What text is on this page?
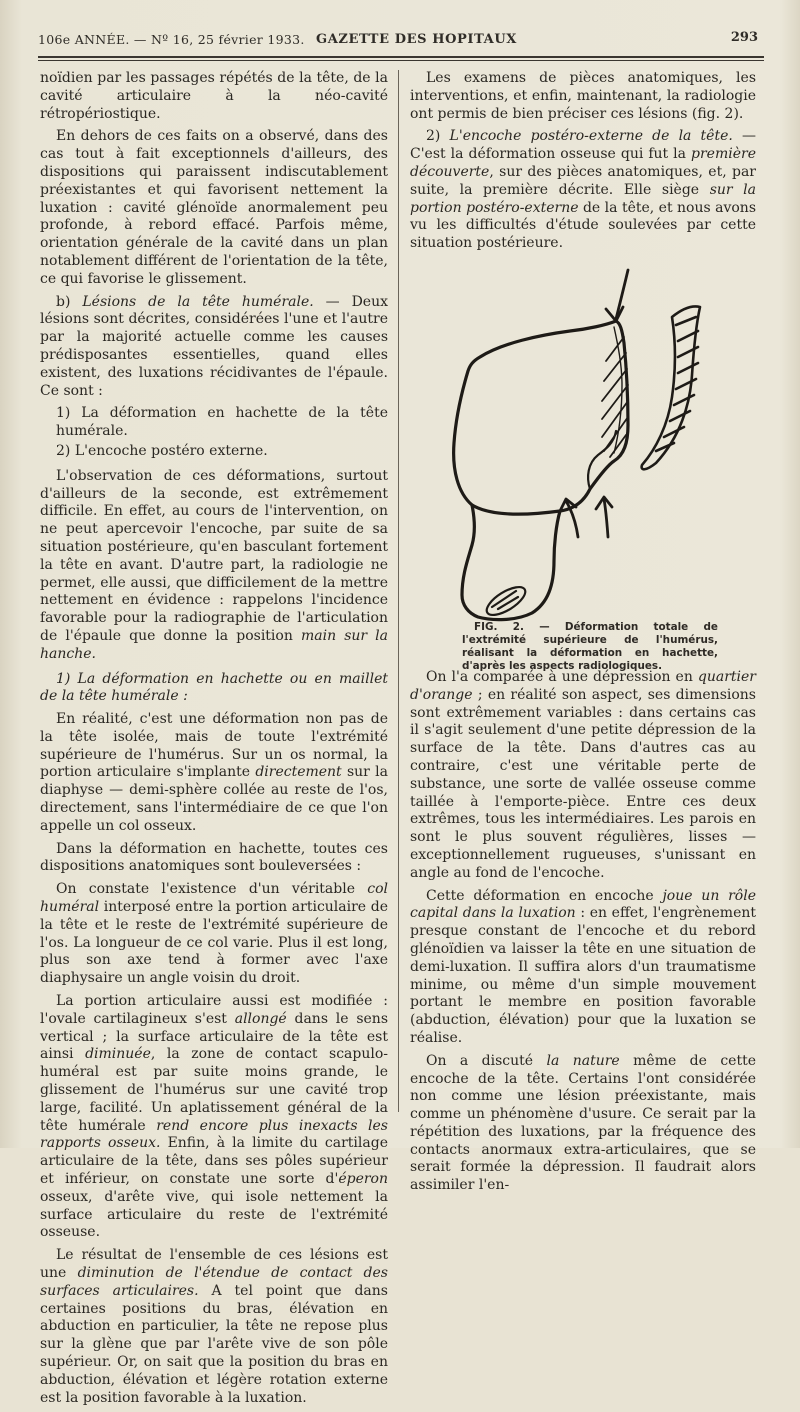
106e ANNÉE. — Nº 16, 25 février 1933. GAZETTE DES HOPITAUX	293

noïdien par les passages répétés de la tête, de la cavité articulaire à la néo-cavité rétropériostique.

En dehors de ces faits on a observé, dans des cas tout à fait exceptionnels d'ailleurs, des dispositions qui paraissent indiscutablement préexistantes et qui favorisent nettement la luxation : cavité glénoïde anormalement peu profonde, à rebord effacé. Parfois même, orientation générale de la cavité dans un plan notablement différent de l'orientation de la tête, ce qui favorise le glissement.

b) Lésions de la tête humérale. — Deux lésions sont décrites, considérées l'une et l'autre par la majorité actuelle comme les causes prédisposantes essentielles, quand elles existent, des luxations récidivantes de l'épaule. Ce sont :

1) La déformation en hachette de la tête humérale.

2) L'encoche postéro externe.

L'observation de ces déformations, surtout d'ailleurs de la seconde, est extrêmement difficile. En effet, au cours de l'intervention, on ne peut apercevoir l'encoche, par suite de sa situation postérieure, qu'en basculant fortement la tête en avant. D'autre part, la radiologie ne permet, elle aussi, que difficilement de la mettre nettement en évidence : rappelons l'incidence favorable pour la radiographie de l'articulation de l'épaule que donne la position main sur la hanche.

1) La déformation en hachette ou en maillet de la tête humérale :

En réalité, c'est une déformation non pas de la tête isolée, mais de toute l'extrémité supérieure de l'humérus. Sur un os normal, la portion articulaire s'implante directement sur la diaphyse — demi-sphère collée au reste de l'os, directement, sans l'intermédiaire de ce que l'on appelle un col osseux.

Dans la déformation en hachette, toutes ces dispositions anatomiques sont bouleversées :

On constate l'existence d'un véritable col huméral interposé entre la portion articulaire de la tête et le reste de l'extrémité supérieure de l'os. La longueur de ce col varie. Plus il est long, plus son axe tend à former avec l'axe diaphysaire un angle voisin du droit.

La portion articulaire aussi est modifiée : l'ovale cartilagineux s'est allongé dans le sens vertical ; la surface articulaire de la tête est ainsi diminuée, la zone de contact scapulo-huméral est par suite moins grande, le glissement de l'humérus sur une cavité trop large, facilité. Un aplatissement général de la tête humérale rend encore plus inexacts les rapports osseux. Enfin, à la limite du cartilage articulaire de la tête, dans ses pôles supérieur et inférieur, on constate une sorte d'éperon osseux, d'arête vive, qui isole nettement la surface articulaire du reste de l'extrémité osseuse.

Le résultat de l'ensemble de ces lésions est une diminution de l'étendue de contact des surfaces articulaires. A tel point que dans certaines positions du bras, élévation en abduction en particulier, la tête ne repose plus sur la glène que par l'arête vive de son pôle supérieur. Or, on sait que la position du bras en abduction, élévation et légère rotation externe est la position favorable à la luxation.

Les examens de pièces anatomiques, les interventions, et enfin, maintenant, la radiologie ont permis de bien préciser ces lésions (fig. 2).

2) L'encoche postéro-externe de la tête. — C'est la déformation osseuse qui fut la première découverte, sur des pièces anatomiques, et, par suite, la première décrite. Elle siège sur la portion postéro-externe de la tête, et nous avons vu les difficultés d'étude soulevées par cette situation postérieure.

FIG. 2. — Déformation totale de l'extrémité supérieure de l'humérus, réalisant la déformation en hachette, d'après les aspects radiologiques.

On l'a comparée à une dépression en quartier d'orange ; en réalité son aspect, ses dimensions sont extrêmement variables : dans certains cas il s'agit seulement d'une petite dépression de la surface de la tête. Dans d'autres cas au contraire, c'est une véritable perte de substance, une sorte de vallée osseuse comme taillée à l'emporte-pièce. Entre ces deux extrêmes, tous les intermédiaires. Les parois en sont le plus souvent régulières, lisses — exceptionnellement rugueuses, s'unissant en angle au fond de l'encoche.

Cette déformation en encoche joue un rôle capital dans la luxation : en effet, l'engrènement presque constant de l'encoche et du rebord glénoïdien va laisser la tête en une situation de demi-luxation. Il suffira alors d'un traumatisme minime, ou même d'un simple mouvement portant le membre en position favorable (abduction, élévation) pour que la luxation se réalise.

On a discuté la nature même de cette encoche de la tête. Certains l'ont considérée non comme une lésion préexistante, mais comme un phénomène d'usure. Ce serait par la répétition des luxations, par la fréquence des contacts anormaux extra-articulaires, que se serait formée la dépression. Il faudrait alors assimiler l'en-
